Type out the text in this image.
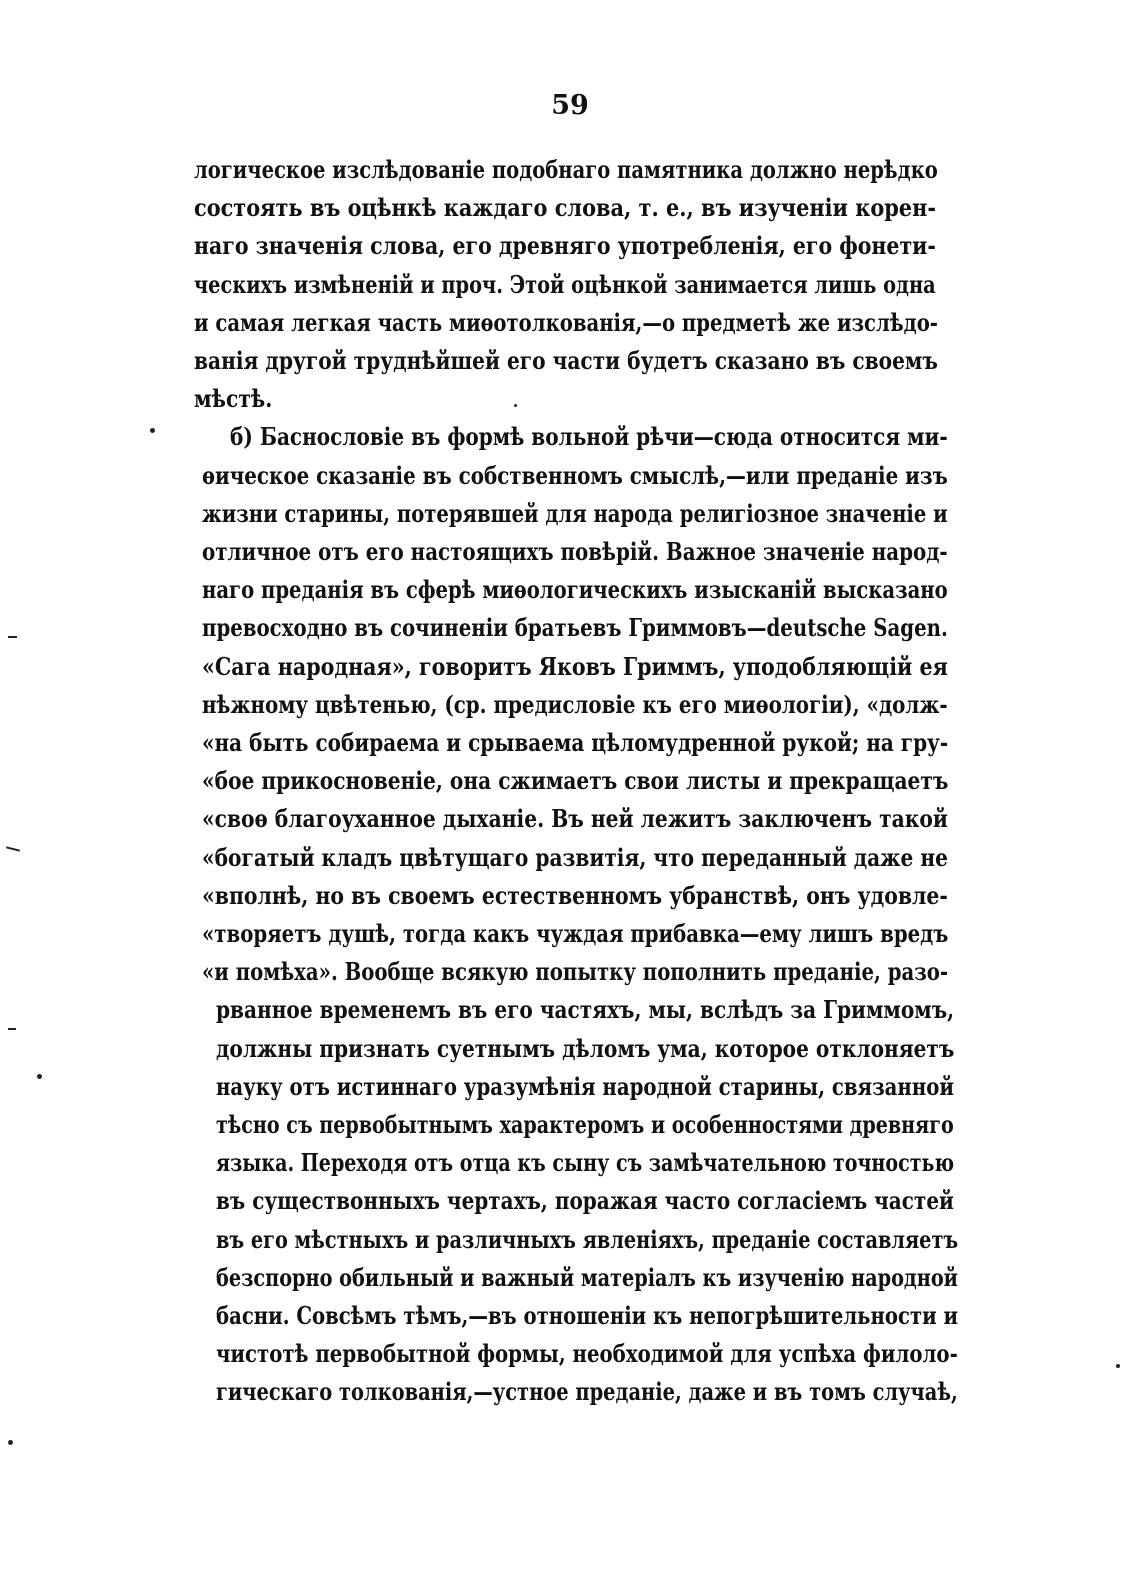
59
логическое изслѣдованіе подобнаго памятника должно нерѣдко
состоять въ оцѣнкѣ каждаго слова, т. е., въ изученіи корен-
наго значенія слова, его древняго употребленія, его фонети-
ческихъ измѣненій и проч. Этой оцѣнкой занимается лишь одна
и самая легкая часть миѳотолкованія,—о предметѣ же изслѣдо-
ванія другой труднѣйшей его части будетъ сказано въ своемъ
мѣстѣ.
б) Баснословіе въ формѣ вольной рѣчи—сюда относится ми-
ѳическое сказаніе въ собственномъ смыслѣ,—или преданіе изъ
жизни старины, потерявшей для народа религіозное значеніе и
отличное отъ его настоящихъ повѣрій. Важное значеніе народ-
наго преданія въ сферѣ миѳологическихъ изысканій высказано
превосходно въ сочиненіи братьевъ Гриммовъ—deutsche Sagen.
«Сага народная», говоритъ Яковъ Гриммъ, уподобляющій ея
нѣжному цвѣтенью, (ср. предисловіе къ его миѳологіи), «долж-
«на быть собираема и срываема цѣломудренной рукой; на гру-
«бое прикосновеніе, она сжимаетъ свои листы и прекращаетъ
«своѳ благоуханное дыханіе. Въ ней лежитъ заключенъ такой
«богатый кладъ цвѣтущаго развитія, что переданный даже не
«вполнѣ, но въ своемъ естественномъ убранствѣ, онъ удовле-
«творяетъ душѣ, тогда какъ чуждая прибавка—ему лишъ вредъ
«и помѣха». Вообще всякую попытку пополнить преданіе, разо-
рванное временемъ въ его частяхъ, мы, вслѣдъ за Гриммомъ,
должны признать суетнымъ дѣломъ ума, которое отклоняетъ
науку отъ истиннаго уразумѣнія народной старины, связанной
тѣсно съ первобытнымъ характеромъ и особенностями древняго
языка. Переходя отъ отца къ сыну съ замѣчательною точностью
въ существонныхъ чертахъ, поражая часто согласіемъ частей
въ его мѣстныхъ и различныхъ явленіяхъ, преданіе составляетъ
безспорно обильный и важный матеріалъ къ изученію народной
басни. Совсѣмъ тѣмъ,—въ отношеніи къ непогрѣшительности и
чистотѣ первобытной формы, необходимой для успѣха филоло-
гическаго толкованія,—устное преданіе, даже и въ томъ случаѣ,
